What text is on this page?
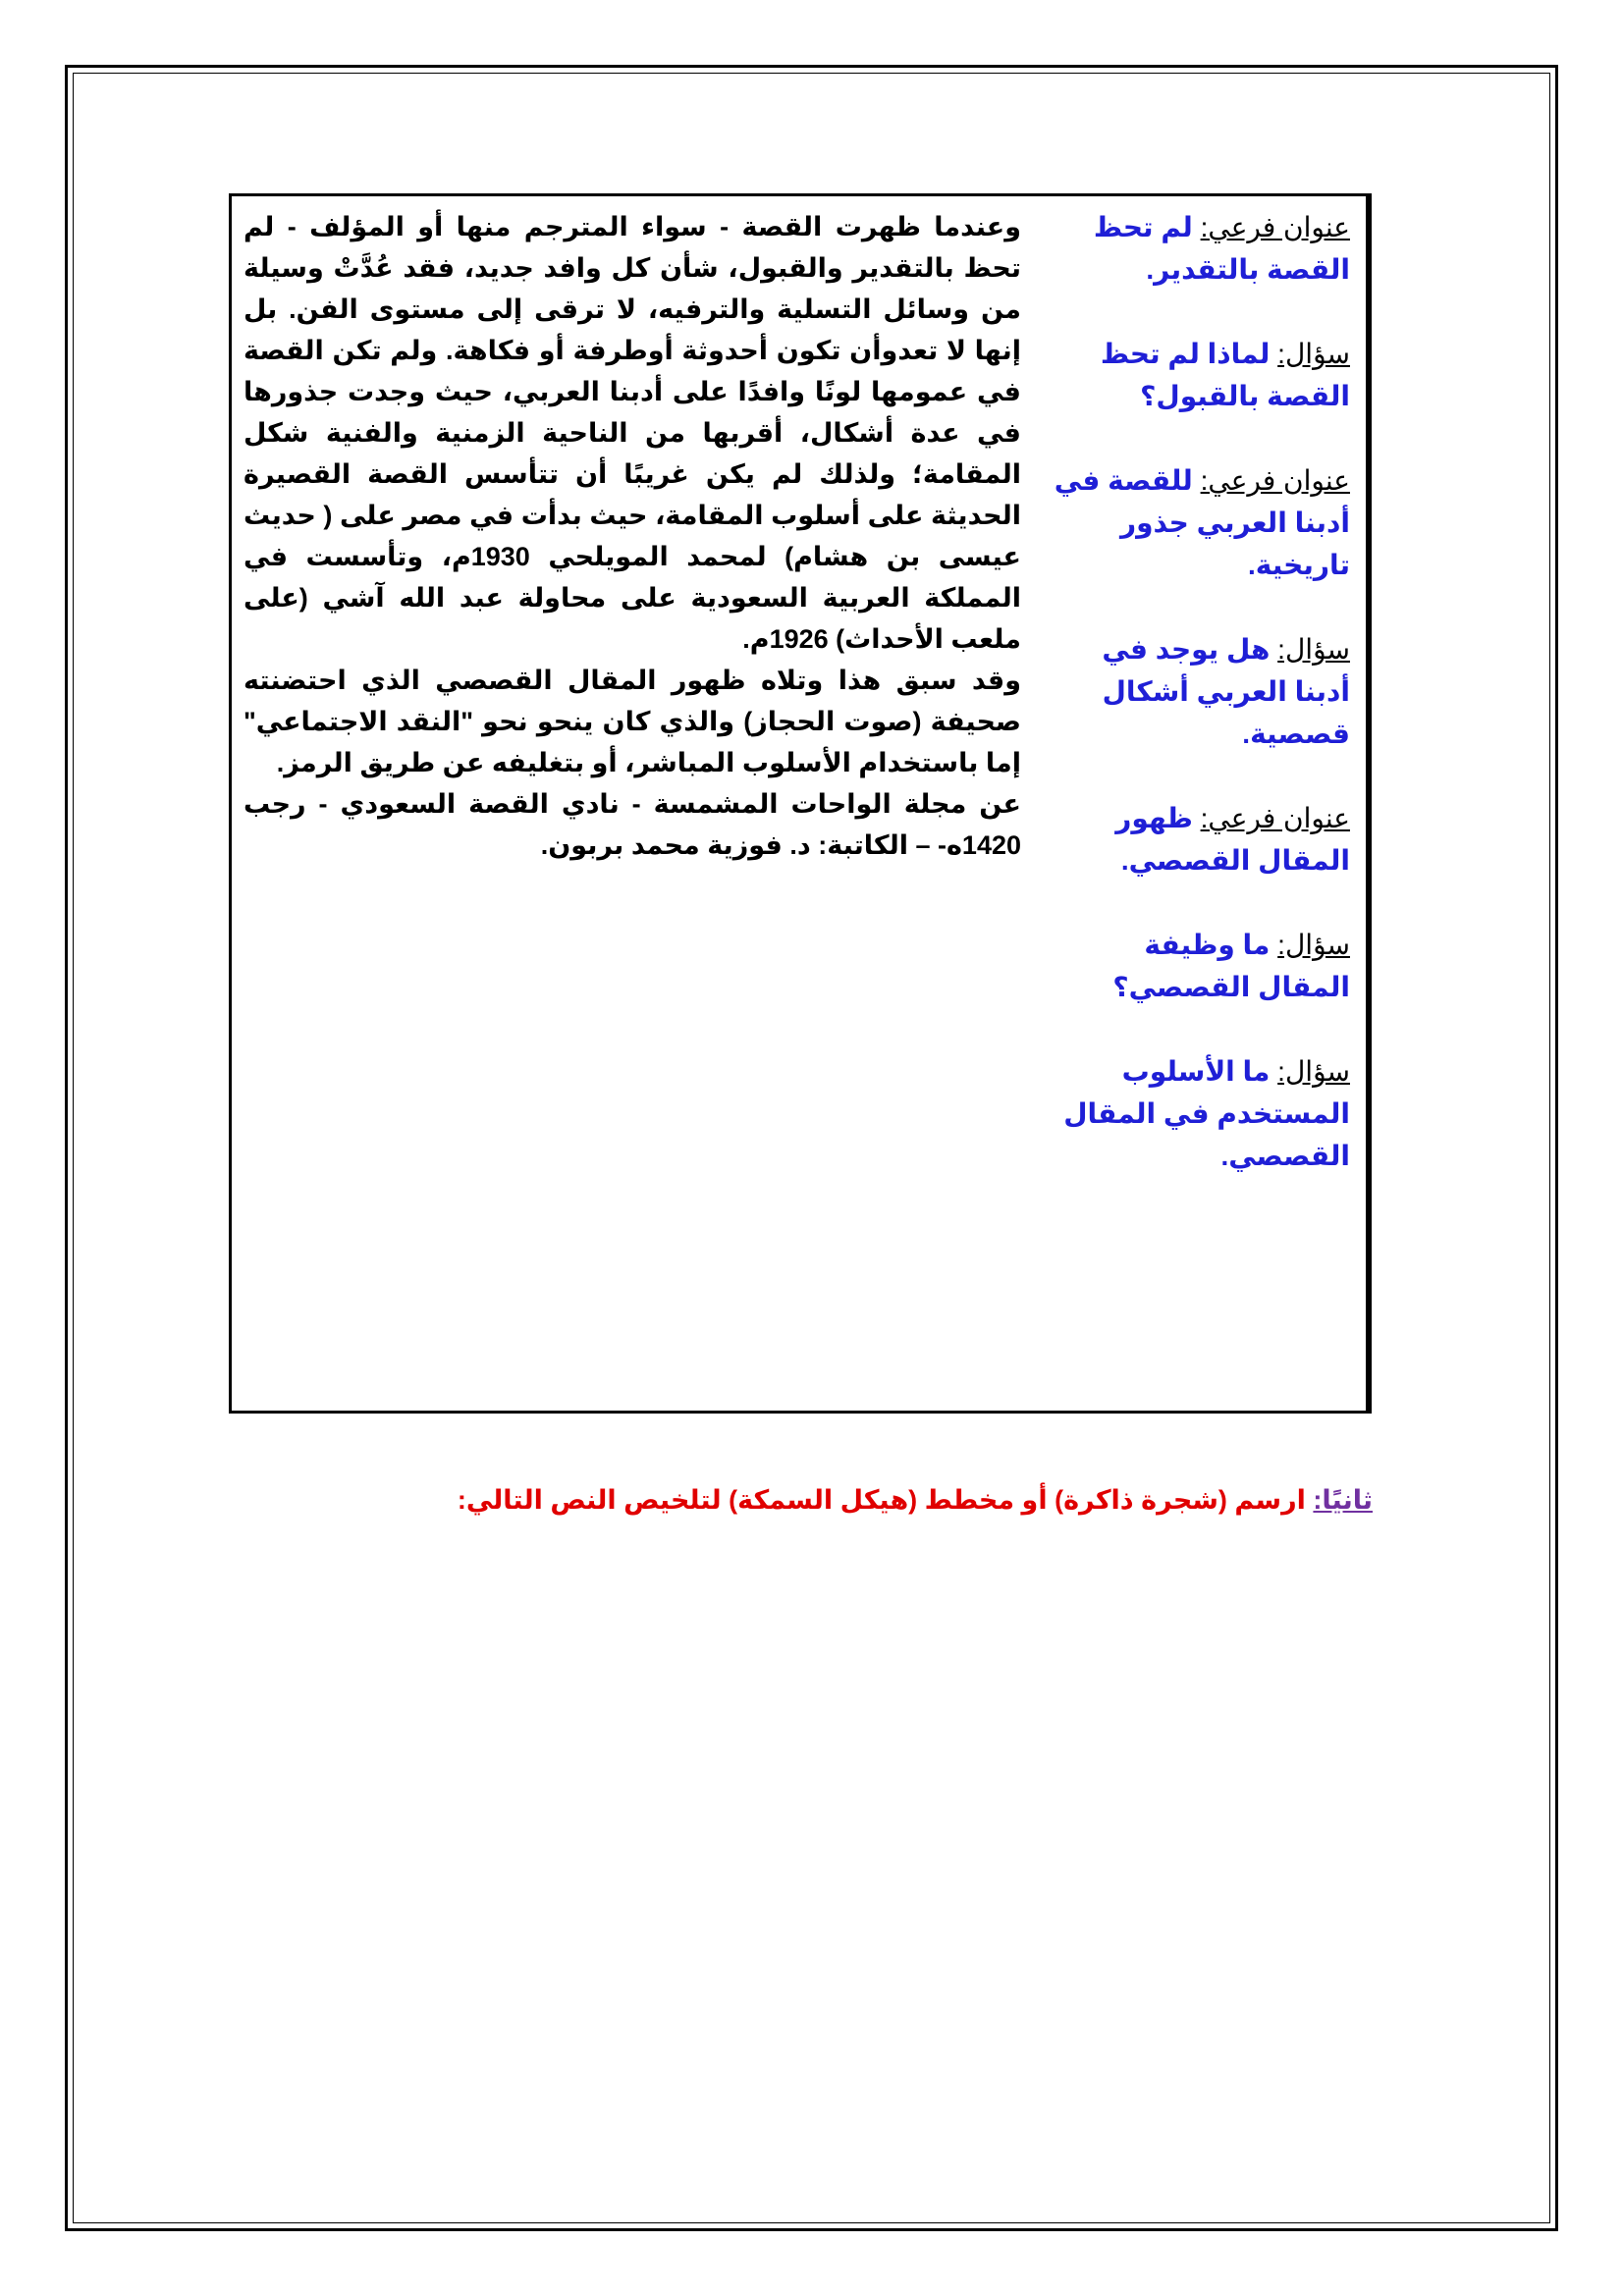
وعندما ظهرت القصة - سواء المترجم منها أو المؤلف - لم تحظ بالتقدير والقبول، شأن كل وافد جديد، فقد عُدَّتْ وسيلة من وسائل التسلية والترفيه، لا ترقى إلى مستوى الفن. بل إنها لا تعدوأن تكون أحدوثة أوطرفة أو فكاهة. ولم تكن القصة في عمومها لونًا وافدًا على أدبنا العربي، حيث وجدت جذورها في عدة أشكال، أقربها من الناحية الزمنية والفنية شكل المقامة؛ ولذلك لم يكن غريبًا أن تتأسس القصة القصيرة الحديثة على أسلوب المقامة، حيث بدأت في مصر على ( حديث عيسى بن هشام) لمحمد المويلحي 1930م، وتأسست في المملكة العربية السعودية على محاولة عبد الله آشي (على ملعب الأحداث) 1926م.

وقد سبق هذا وتلاه ظهور المقال القصصي الذي احتضنته صحيفة (صوت الحجاز) والذي كان ينحو نحو "النقد الاجتماعي" إما باستخدام الأسلوب المباشر، أو بتغليفه عن طريق الرمز.

عن مجلة الواحات المشمسة - نادي القصة السعودي - رجب 1420ه- – الكاتبة: د. فوزية محمد بربون.

عنوان فرعي: لم تحظ القصة بالتقدير.
سؤال: لماذا لم تحظ القصة بالقبول؟
عنوان فرعي: للقصة في أدبنا العربي جذور تاريخية.
سؤال: هل يوجد في أدبنا العربي أشكال قصصية.
عنوان فرعي: ظهور المقال القصصي.
سؤال: ما وظيفة المقال القصصي؟
سؤال: ما الأسلوب المستخدم في المقال القصصي.
ثانيًا: ارسم (شجرة ذاكرة) أو مخطط (هيكل السمكة) لتلخيص النص التالي:
